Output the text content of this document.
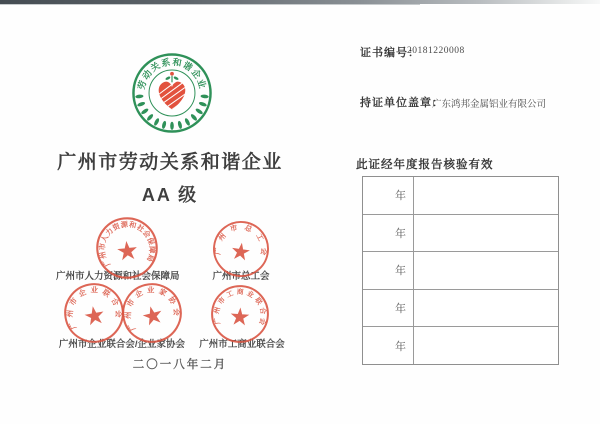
劳动关系和谐企业
广州市劳动关系和谐企业
AA 级
广州市人力资源和社会保障局
★	广州市总工会
★
广州市企业联合会
★	广州市企业家协会
★	广州市工商业联合会
★
广州市人力资源和社会保障局	广州市总工会
广州市企业联合会/企业家协会	广州市工商业联合会
二〇一八年二月
证书编号：
20181220008
持证单位盖章：
广东鸿邦金属铝业有限公司
此证经年度报告核验有效
年
年
年
年
年
